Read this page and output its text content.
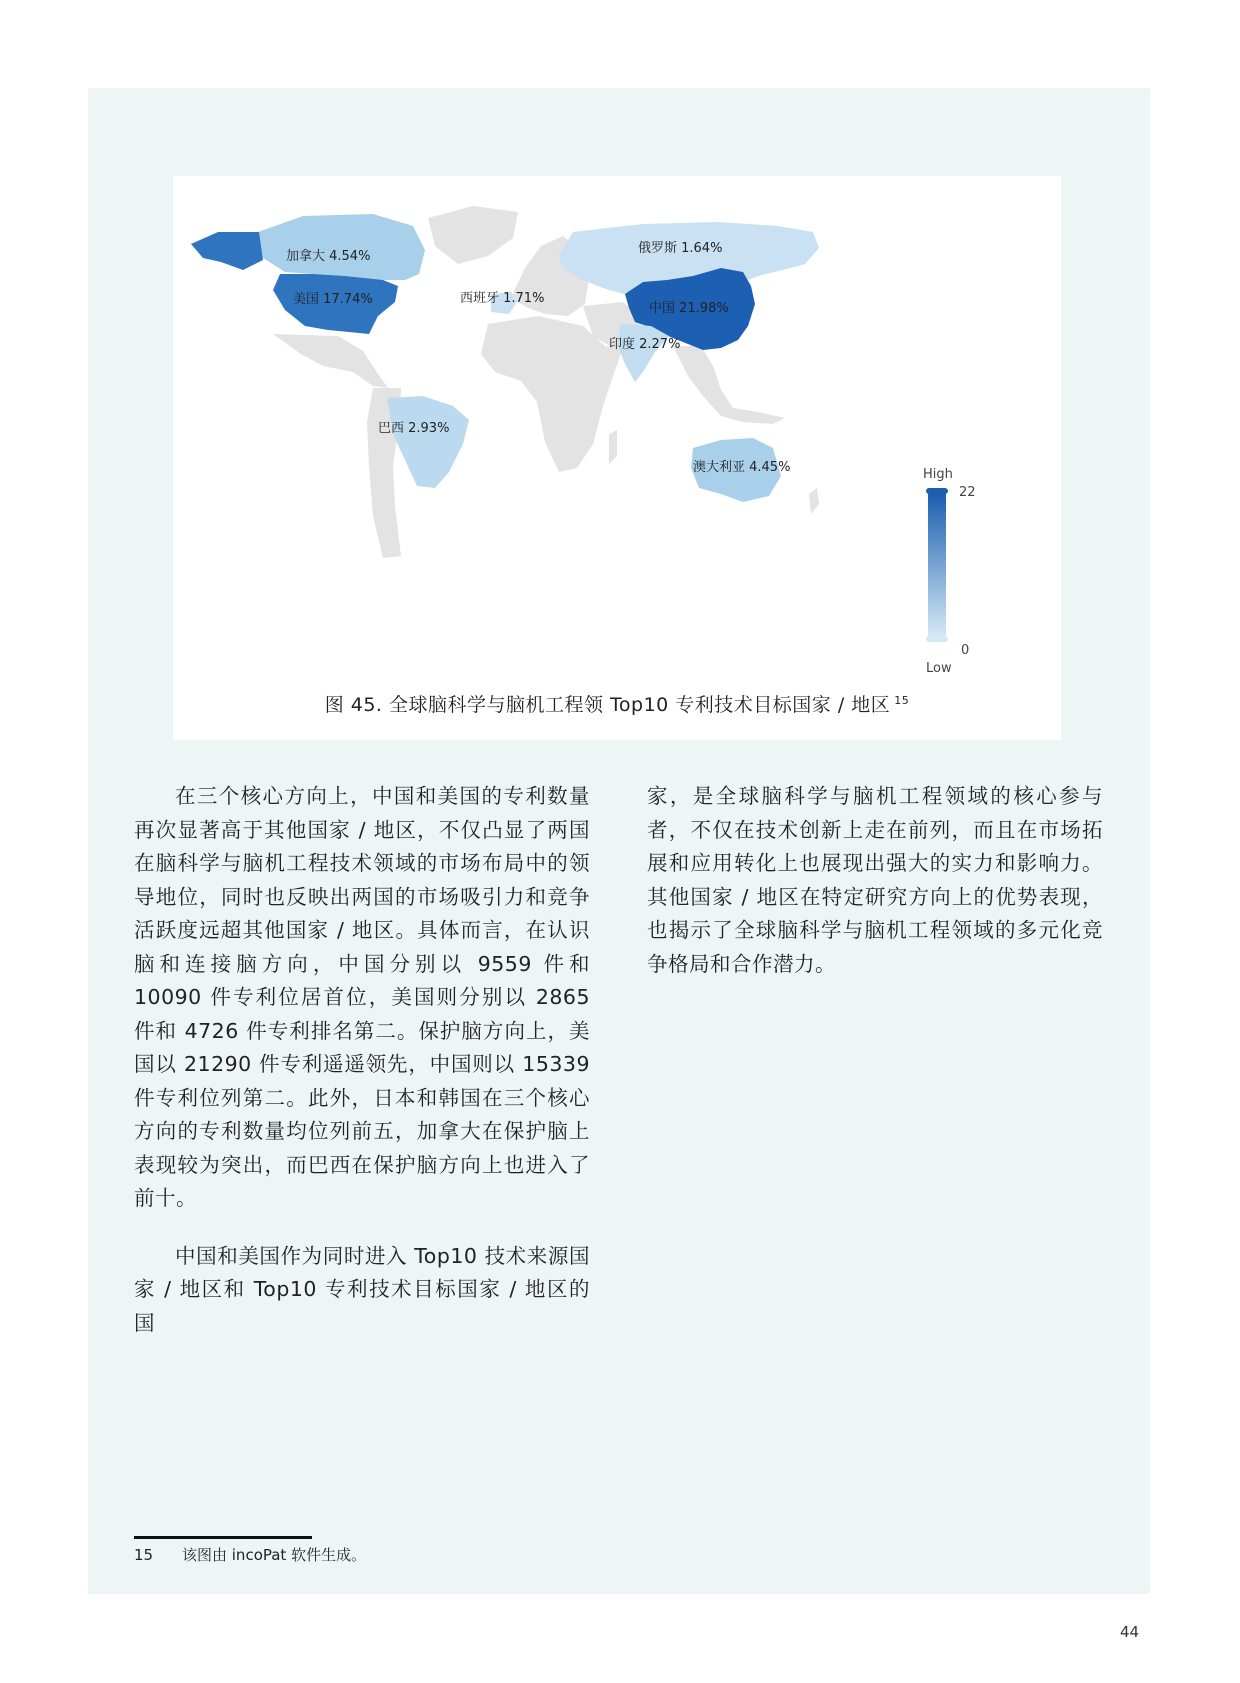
加拿大 4.54%
美国 17.74%	西班牙 1.71%
俄罗斯 1.64%
中国 21.98%
印度 2.27%
巴西 2.93%
澳大利亚 4.45%	High
22
0
Low
图 45. 全球脑科学与脑机工程领 Top10 专利技术目标国家 / 地区 $^{15}$

在三个核心方向上，中国和美国的专利数量再次显著高于其他国家 / 地区，不仅凸显了两国在脑科学与脑机工程技术领域的市场布局中的领导地位，同时也反映出两国的市场吸引力和竞争活跃度远超其他国家 / 地区。具体而言，在认识脑和连接脑方向，中国分别以 9559 件和 10090 件专利位居首位，美国则分别以 2865 件和 4726 件专利排名第二。保护脑方向上，美国以 21290 件专利遥遥领先，中国则以 15339 件专利位列第二。此外，日本和韩国在三个核心方向的专利数量均位列前五，加拿大在保护脑上表现较为突出，而巴西在保护脑方向上也进入了前十。

中国和美国作为同时进入 Top10 技术来源国家 / 地区和 Top10 专利技术目标国家 / 地区的国

家，是全球脑科学与脑机工程领域的核心参与者，不仅在技术创新上走在前列，而且在市场拓展和应用转化上也展现出强大的实力和影响力。其他国家 / 地区在特定研究方向上的优势表现，也揭示了全球脑科学与脑机工程领域的多元化竞争格局和合作潜力。

15 该图由 incoPat 软件生成。
44
